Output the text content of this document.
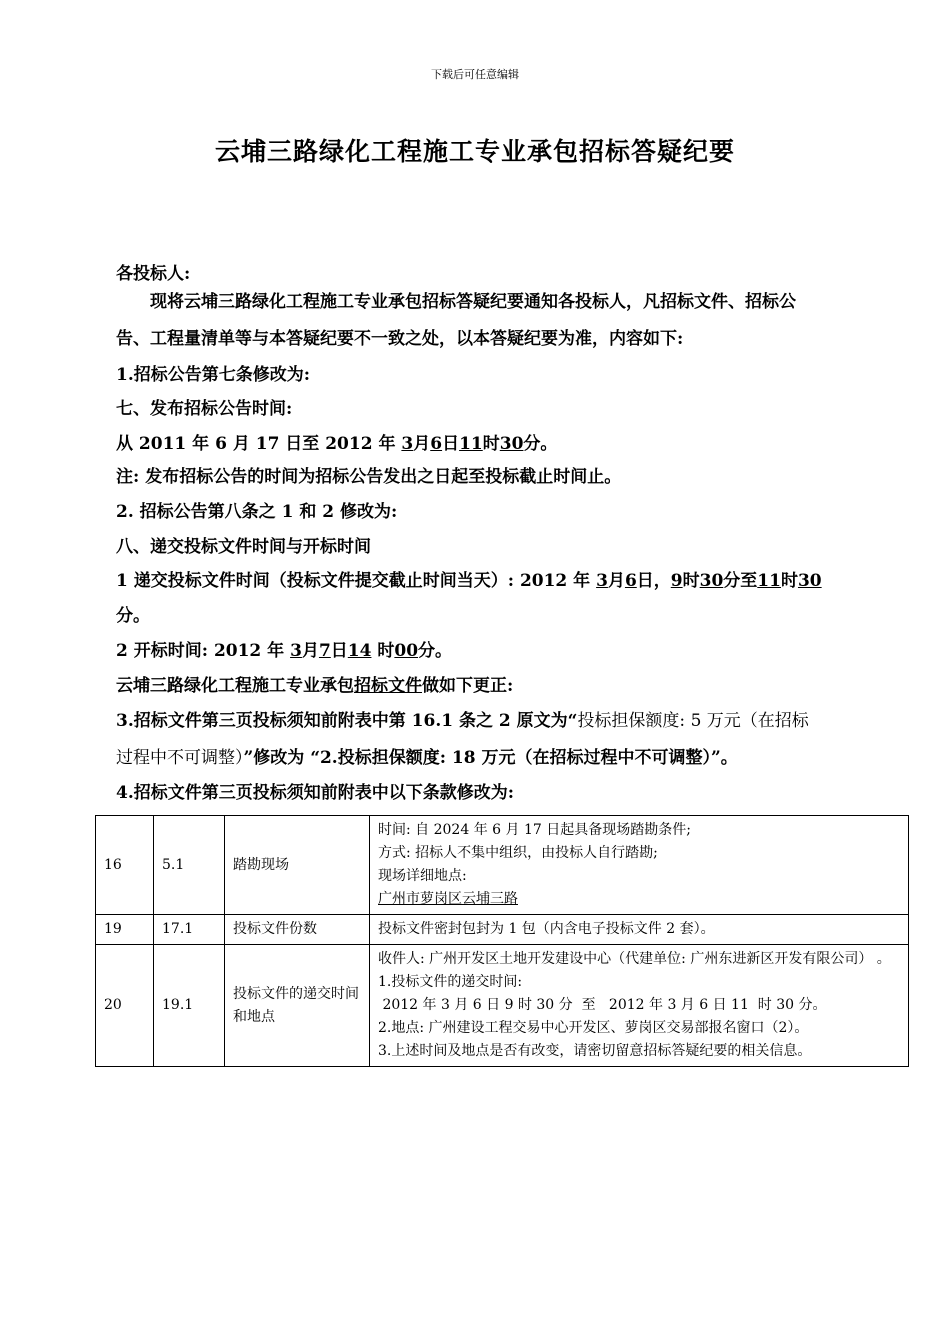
下载后可任意编辑
云埔三路绿化工程施工专业承包招标答疑纪要
各投标人:
现将云埔三路绿化工程施工专业承包招标答疑纪要通知各投标人，凡招标文件、招标公
告、工程量清单等与本答疑纪要不一致之处，以本答疑纪要为准，内容如下:
1.招标公告第七条修改为:
七、发布招标公告时间:
从 2011 年 6 月 17 日至 2012 年 3月6日11时30分。
注: 发布招标公告的时间为招标公告发出之日起至投标截止时间止。
2. 招标公告第八条之 1 和 2 修改为:
八、递交投标文件时间与开标时间
1 递交投标文件时间（投标文件提交截止时间当天）: 2012 年 3月6日，9时30分至11时30
分。
2 开标时间: 2012 年 3月7日14 时00分。
云埔三路绿化工程施工专业承包招标文件做如下更正:
3.招标文件第三页投标须知前附表中第 16.1 条之 2 原文为“投标担保额度: 5 万元（在招标
过程中不可调整）”修改为 “2.投标担保额度: 18 万元（在招标过程中不可调整）”。
4.招标文件第三页投标须知前附表中以下条款修改为:
16	5.1	踏勘现场	时间: 自 2024 年 6 月 17 日起具备现场踏勘条件;
方式: 招标人不集中组织，由投标人自行踏勘;
现场详细地点:
广州市萝岗区云埔三路

19	17.1	投标文件份数	投标文件密封包封为 1 包（内含电子投标文件 2 套）。

20	19.1	投标文件的递交时间和地点	收件人: 广州开发区土地开发建设中心（代建单位: 广州东进新区开发有限公司） 。
1.投标文件的递交时间:
2012 年 3 月 6 日 9 时 30 分  至   2012 年 3 月 6 日 11  时 30 分。
2.地点: 广州建设工程交易中心开发区、萝岗区交易部报名窗口（2）。
3.上述时间及地点是否有改变，请密切留意招标答疑纪要的相关信息。
